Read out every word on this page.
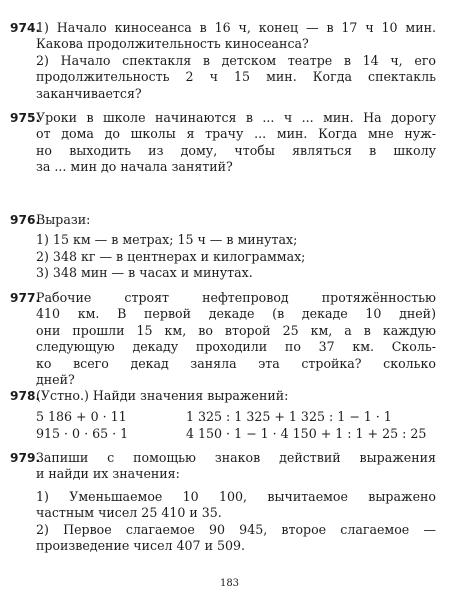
974.
1) Начало киносеанса в 16 ч, конец — в 17 ч 10 мин.
Какова продолжительность киносеанса?
2) Начало спектакля в детском театре в 14 ч, его
продолжительность 2 ч 15 мин. Когда спектакль
заканчивается?
975.
Уроки в школе начинаются в ... ч ... мин. На дорогу
от дома до школы я трачу ... мин. Когда мне нуж-
но выходить из дому, чтобы являться в школу
за ... мин до начала занятий?
976.
Вырази:
1) 15 км — в метрах; 15 ч — в минутах;
2) 348 кг — в центнерах и килограммах;
3) 348 мин — в часах и минутах.
977.
Рабочие строят нефтепровод протяжённостью
410 км. В первой декаде (в декаде 10 дней)
они прошли 15 км, во второй 25 км, а в каждую
следующую декаду проходили по 37 км. Сколь-
ко всего декад заняла эта стройка? сколько
дней?
978.
(Устно.) Найди значения выражений:
5 186 + 0 · 11	1 325 : 1 325 + 1 325 : 1 − 1 · 1
915 · 0 · 65 · 1	4 150 · 1 − 1 · 4 150 + 1 : 1 + 25 : 25
979.
Запиши с помощью знаков действий выражения
и найди их значения:
1) Уменьшаемое 10 100, вычитаемое выражено
частным чисел 25 410 и 35.
2) Первое слагаемое 90 945, второе слагаемое —
произведение чисел 407 и 509.
183
